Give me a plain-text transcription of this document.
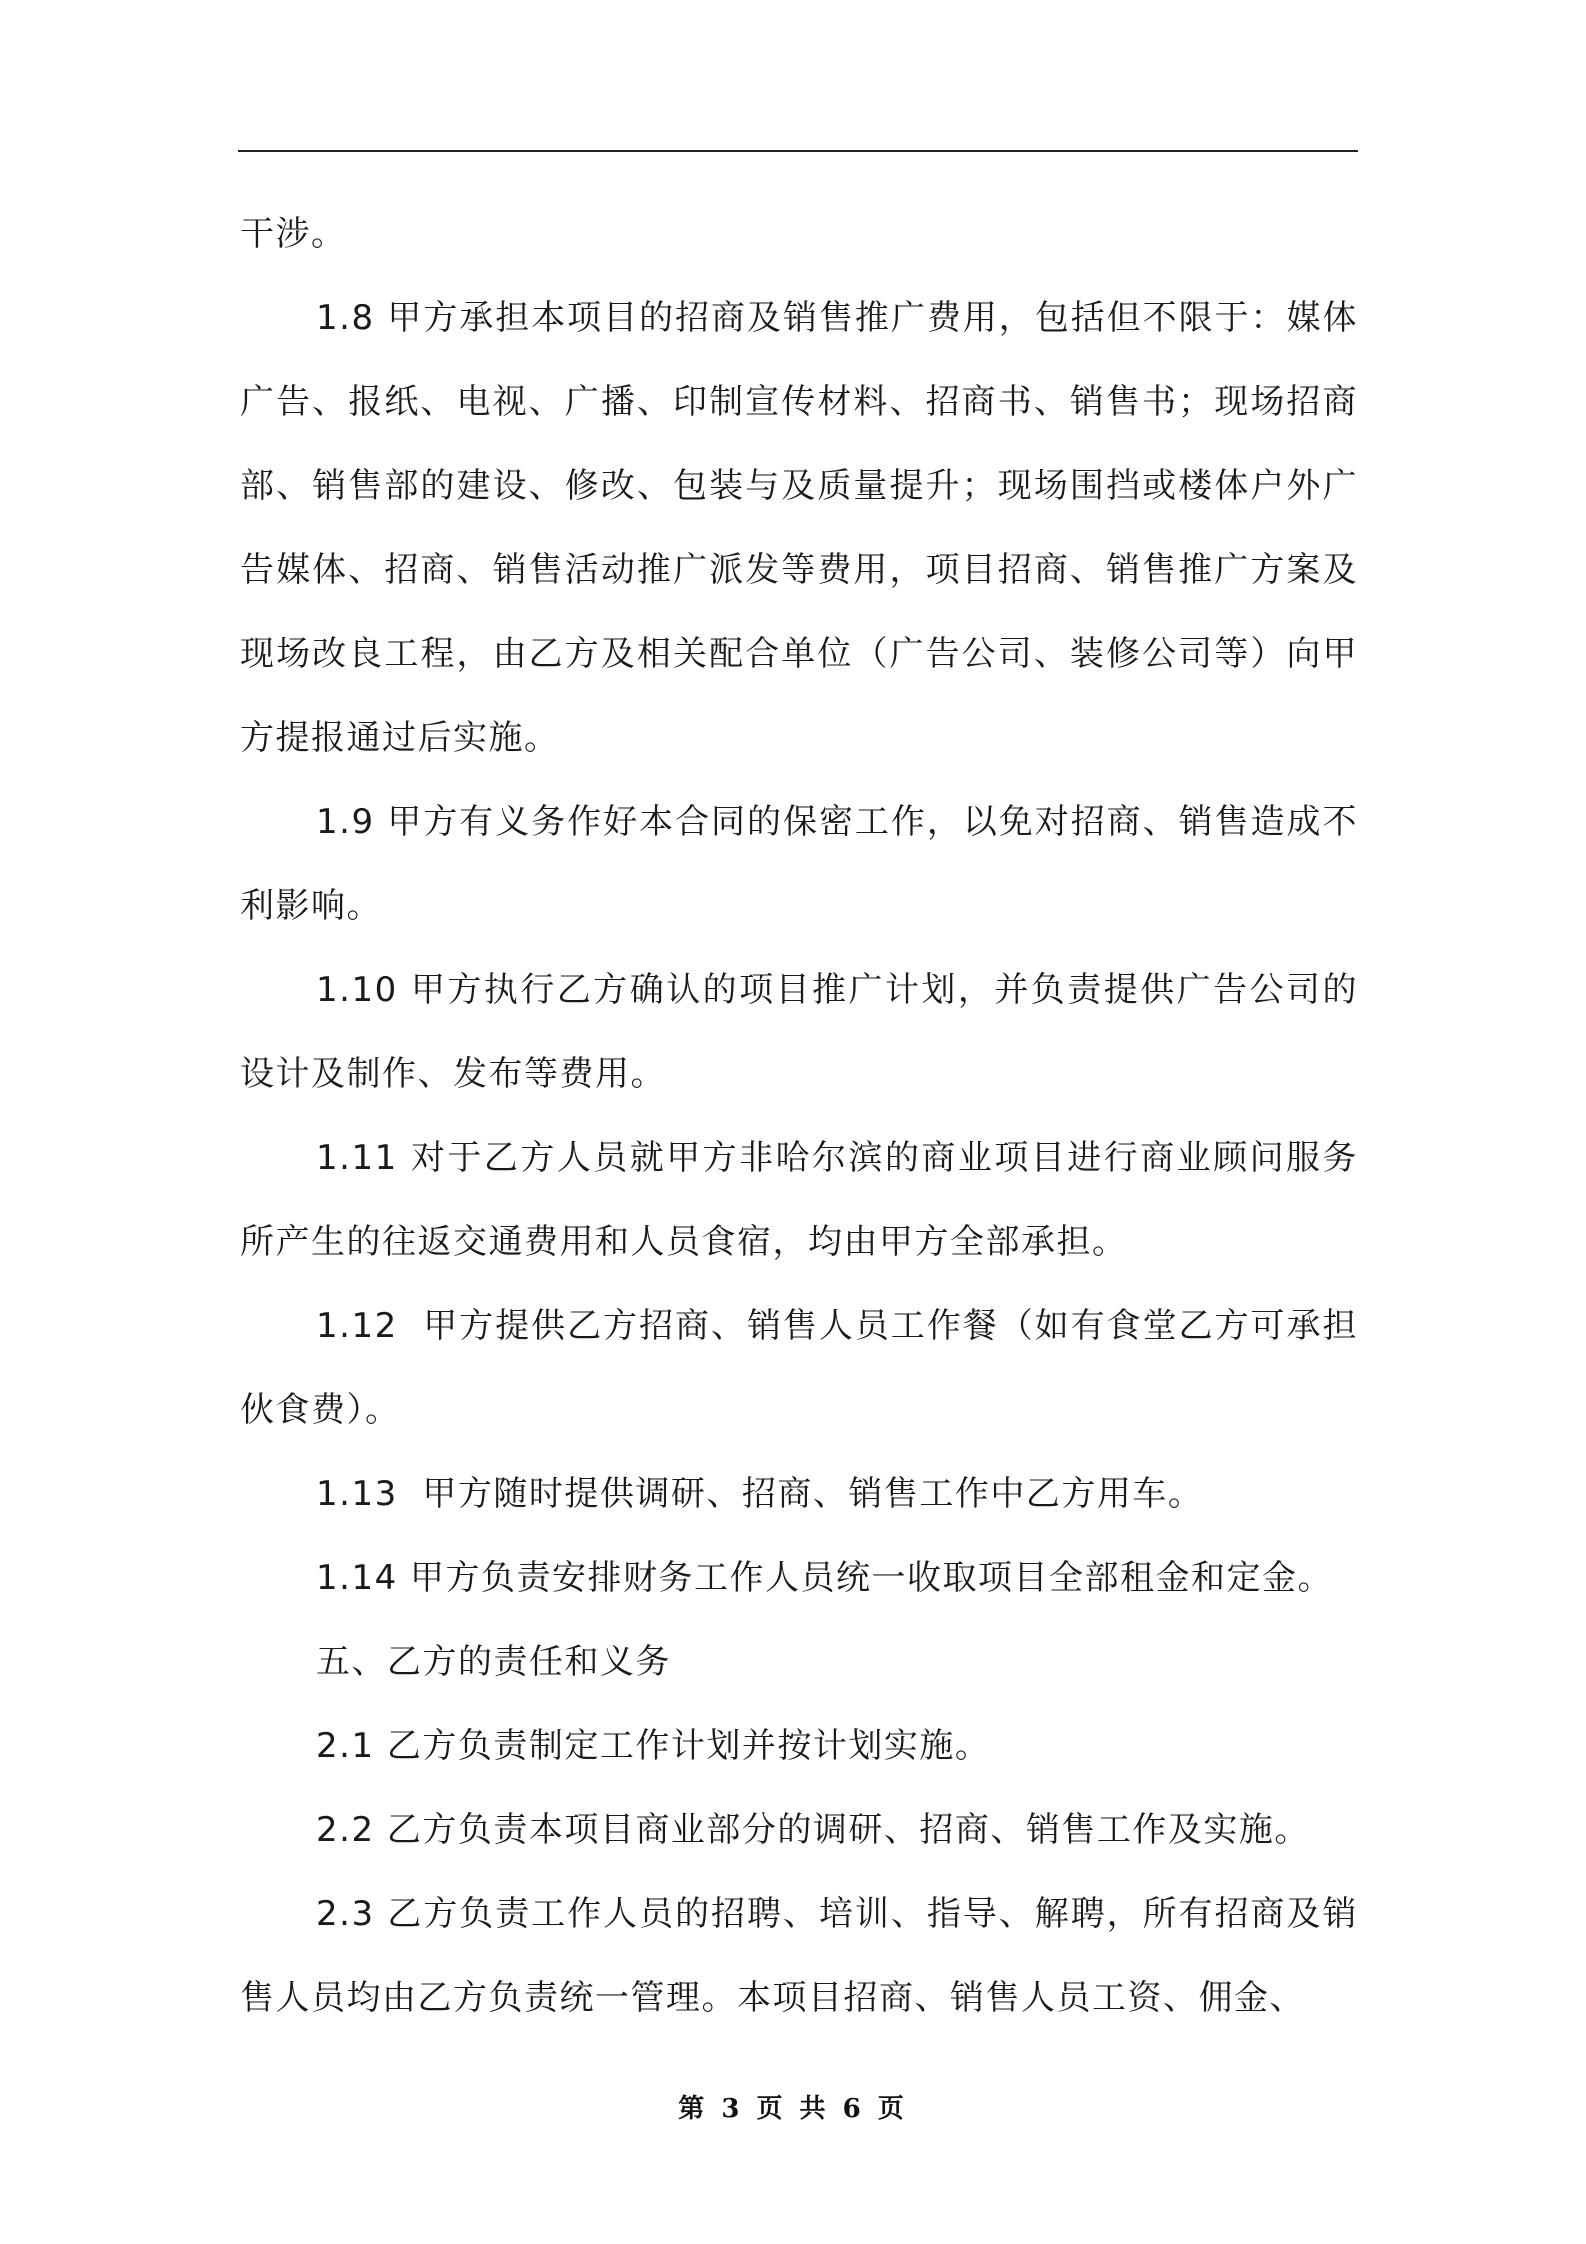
干涉。

1.8 甲方承担本项目的招商及销售推广费用，包括但不限于：媒体广告、报纸、电视、广播、印制宣传材料、招商书、销售书；现场招商部、销售部的建设、修改、包装与及质量提升；现场围挡或楼体户外广告媒体、招商、销售活动推广派发等费用，项目招商、销售推广方案及现场改良工程，由乙方及相关配合单位（广告公司、装修公司等）向甲方提报通过后实施。

1.9 甲方有义务作好本合同的保密工作，以免对招商、销售造成不利影响。

1.10 甲方执行乙方确认的项目推广计划，并负责提供广告公司的设计及制作、发布等费用。

1.11 对于乙方人员就甲方非哈尔滨的商业项目进行商业顾问服务所产生的往返交通费用和人员食宿，均由甲方全部承担。

1.12  甲方提供乙方招商、销售人员工作餐（如有食堂乙方可承担伙食费）。

1.13  甲方随时提供调研、招商、销售工作中乙方用车。

1.14 甲方负责安排财务工作人员统一收取项目全部租金和定金。

五、乙方的责任和义务

2.1 乙方负责制定工作计划并按计划实施。

2.2 乙方负责本项目商业部分的调研、招商、销售工作及实施。

2.3 乙方负责工作人员的招聘、培训、指导、解聘，所有招商及销售人员均由乙方负责统一管理。本项目招商、销售人员工资、佣金、

第 3 页 共 6 页
